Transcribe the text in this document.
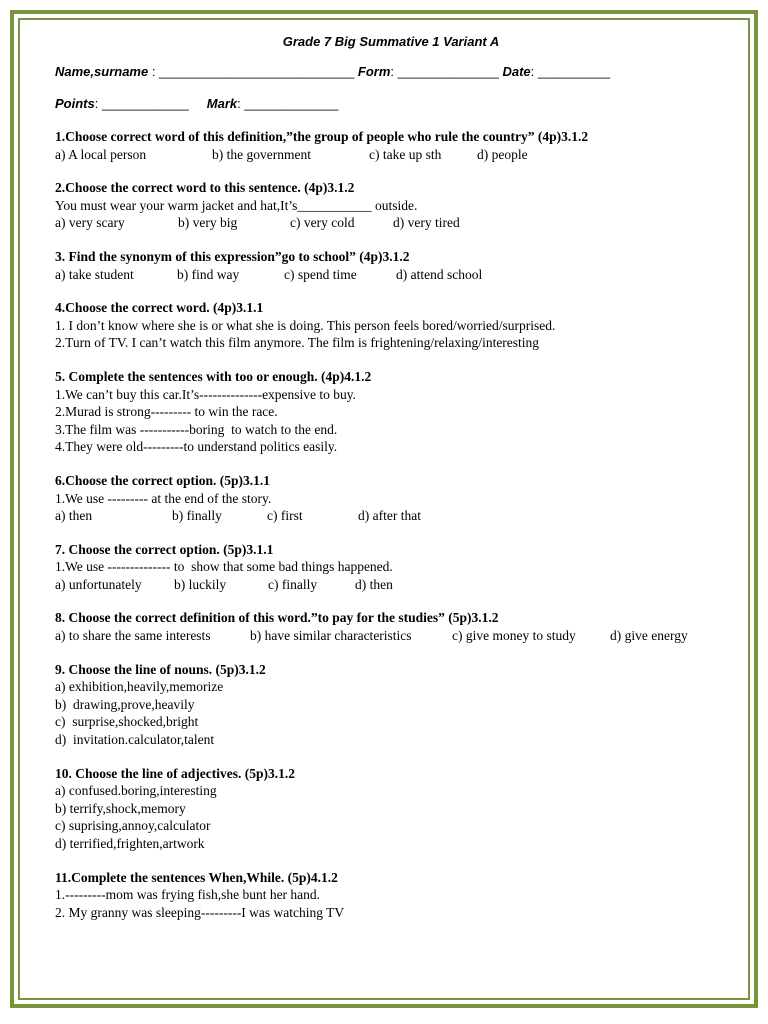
Grade 7 Big Summative 1 Variant A
Name,surname : ___________________________ Form: ______________ Date: __________
Points: ____________     Mark: _____________
1.Choose correct word of this definition,”the group of people who rule the country” (4p)3.1.2
a) A local person	b) the government	c) take up sth	d) people
2.Choose the correct word to this sentence. (4p)3.1.2
You must wear your warm jacket and hat,It’s___________ outside.
a) very scary	b) very big	c) very cold	d) very tired
3. Find the synonym of this expression”go to school” (4p)3.1.2
a) take student	b) find way	c) spend time	d) attend school
4.Choose the correct word. (4p)3.1.1
1. I don’t know where she is or what she is doing. This person feels bored/worried/surprised.
2.Turn of TV. I can’t watch this film anymore. The film is frightening/relaxing/interesting
5. Complete the sentences with too or enough. (4p)4.1.2
1.We can’t buy this car.It’s--------------expensive to buy.
2.Murad is strong--------- to win the race.
3.The film was -----------boring  to watch to the end.
4.They were old---------to understand politics easily.
6.Choose the correct option. (5p)3.1.1
1.We use --------- at the end of the story.
a) then	b) finally	c) first	d) after that
7. Choose the correct option. (5p)3.1.1
1.We use -------------- to  show that some bad things happened.
a) unfortunately	b) luckily	c) finally	d) then
8. Choose the correct definition of this word.”to pay for the studies” (5p)3.1.2
a) to share the same interests	b) have similar characteristics	c) give money to study	d) give energy
9. Choose the line of nouns. (5p)3.1.2
a) exhibition,heavily,memorize
b)  drawing,prove,heavily
c)  surprise,shocked,bright
d)  invitation.calculator,talent
10. Choose the line of adjectives. (5p)3.1.2
a) confused.boring,interesting
b) terrify,shock,memory
c) suprising,annoy,calculator
d) terrified,frighten,artwork
11.Complete the sentences When,While. (5p)4.1.2
1.---------mom was frying fish,she bunt her hand.
2. My granny was sleeping---------I was watching TV
